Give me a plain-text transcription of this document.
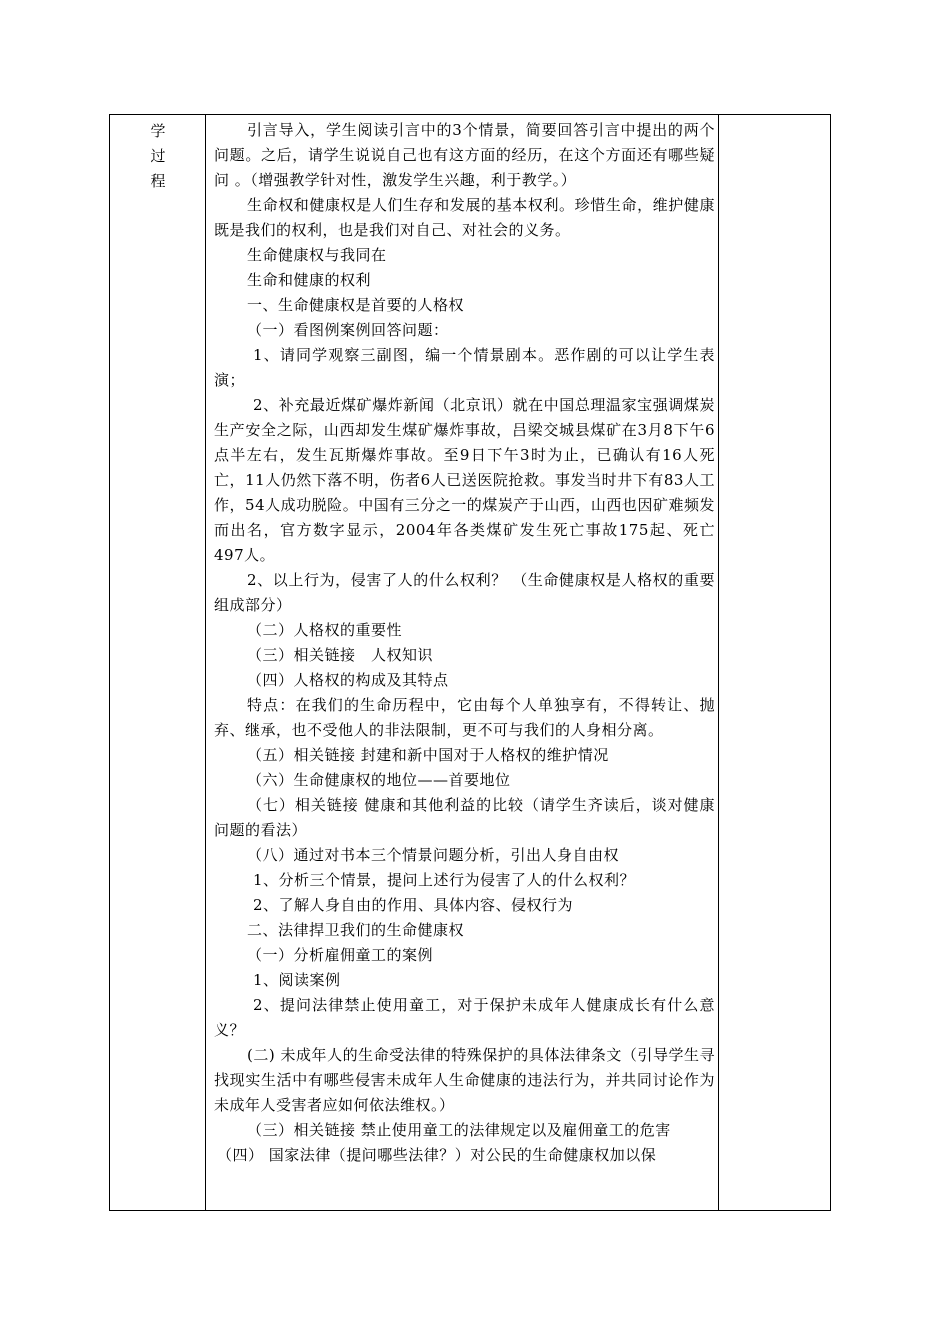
学
过
程

引言导入，学生阅读引言中的3个情景，简要回答引言中提出的两个问题。之后，请学生说说自己也有这方面的经历，在这个方面还有哪些疑问 。（增强教学针对性，激发学生兴趣，利于教学。）

生命权和健康权是人们生存和发展的基本权利。珍惜生命，维护健康既是我们的权利，也是我们对自己、对社会的义务。

生命健康权与我同在

生命和健康的权利

一、生命健康权是首要的人格权

（一）看图例案例回答问题：

1、请同学观察三副图，编一个情景剧本。恶作剧的可以让学生表演；

2、补充最近煤矿爆炸新闻（北京讯）就在中国总理温家宝强调煤炭生产安全之际，山西却发生煤矿爆炸事故，吕梁交城县煤矿在3月8下午6点半左右，发生瓦斯爆炸事故。至9日下午3时为止，已确认有16人死亡，11人仍然下落不明，伤者6人已送医院抢救。事发当时井下有83人工作，54人成功脱险。中国有三分之一的煤炭产于山西，山西也因矿难频发而出名，官方数字显示，2004年各类煤矿发生死亡事故175起、死亡497人。

2、以上行为，侵害了人的什么权利？ （生命健康权是人格权的重要组成部分）

（二）人格权的重要性

（三）相关链接　人权知识

（四）人格权的构成及其特点

特点：在我们的生命历程中，它由每个人单独享有，不得转让、抛弃、继承，也不受他人的非法限制，更不可与我们的人身相分离。

（五）相关链接 封建和新中国对于人格权的维护情况

（六）生命健康权的地位——首要地位

（七）相关链接 健康和其他利益的比较（请学生齐读后，谈对健康问题的看法）

（八）通过对书本三个情景问题分析，引出人身自由权

1、分析三个情景，提问上述行为侵害了人的什么权利？

2、了解人身自由的作用、具体内容、侵权行为

二、法律捍卫我们的生命健康权

（一）分析雇佣童工的案例

1、阅读案例

2、提问法律禁止使用童工，对于保护未成年人健康成长有什么意义？

(二) 未成年人的生命受法律的特殊保护的具体法律条文（引导学生寻找现实生活中有哪些侵害未成年人生命健康的违法行为，并共同讨论作为未成年人受害者应如何依法维权。）

（三）相关链接 禁止使用童工的法律规定以及雇佣童工的危害

（四） 国家法律（提问哪些法律？）对公民的生命健康权加以保
